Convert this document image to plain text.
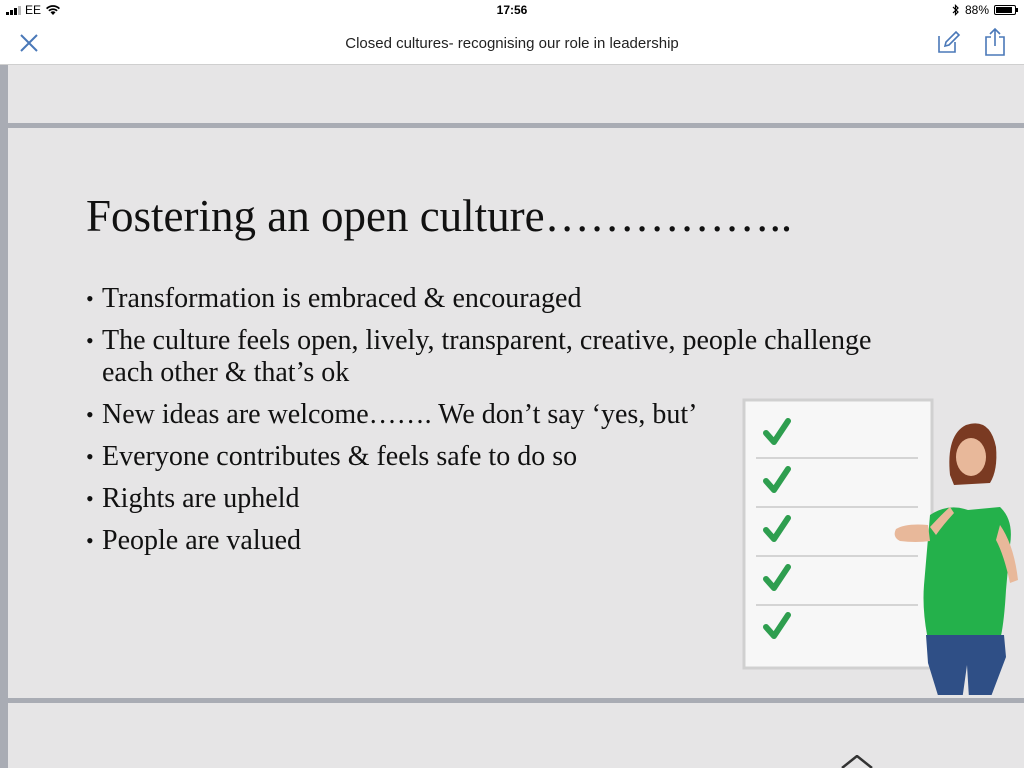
EE	17:56	88%
Closed cultures- recognising our role in leadership
Fostering an open culture……………..
• Transformation is embraced & encouraged
• The culture feels open, lively, transparent, creative, people challenge each other & that’s ok
• New ideas are welcome……. We don’t say ‘yes, but’
• Everyone contributes & feels safe to do so
• Rights are upheld
• People are valued
